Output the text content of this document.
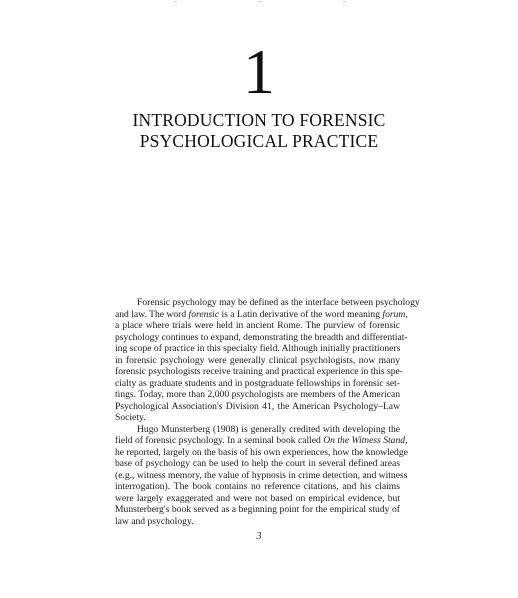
1
INTRODUCTION TO FORENSIC
PSYCHOLOGICAL PRACTICE
Forensic psychology may be defined as the interface between psychology
and law. The word forensic is a Latin derivative of the word meaning forum,
a place where trials were held in ancient Rome. The purview of forensic
psychology continues to expand, demonstrating the breadth and differentiat-
ing scope of practice in this specialty field. Although initially practitioners
in forensic psychology were generally clinical psychologists, now many
forensic psychologists receive training and practical experience in this spe-
cialty as graduate students and in postgraduate fellowships in forensic set-
tings. Today, more than 2,000 psychologists are members of the American
Psychological Association's Division 41, the American Psychology–Law
Society.
Hugo Munsterberg (1908) is generally credited with developing the
field of forensic psychology. In a seminal book called On the Witness Stand,
he reported, largely on the basis of his own experiences, how the knowledge
base of psychology can be used to help the court in several defined areas
(e.g., witness memory, the value of hypnosis in crime detection, and witness
interrogation). The book contains no reference citations, and his claims
were largely exaggerated and were not based on empirical evidence, but
Munsterberg's book served as a beginning point for the empirical study of
law and psychology.
3
